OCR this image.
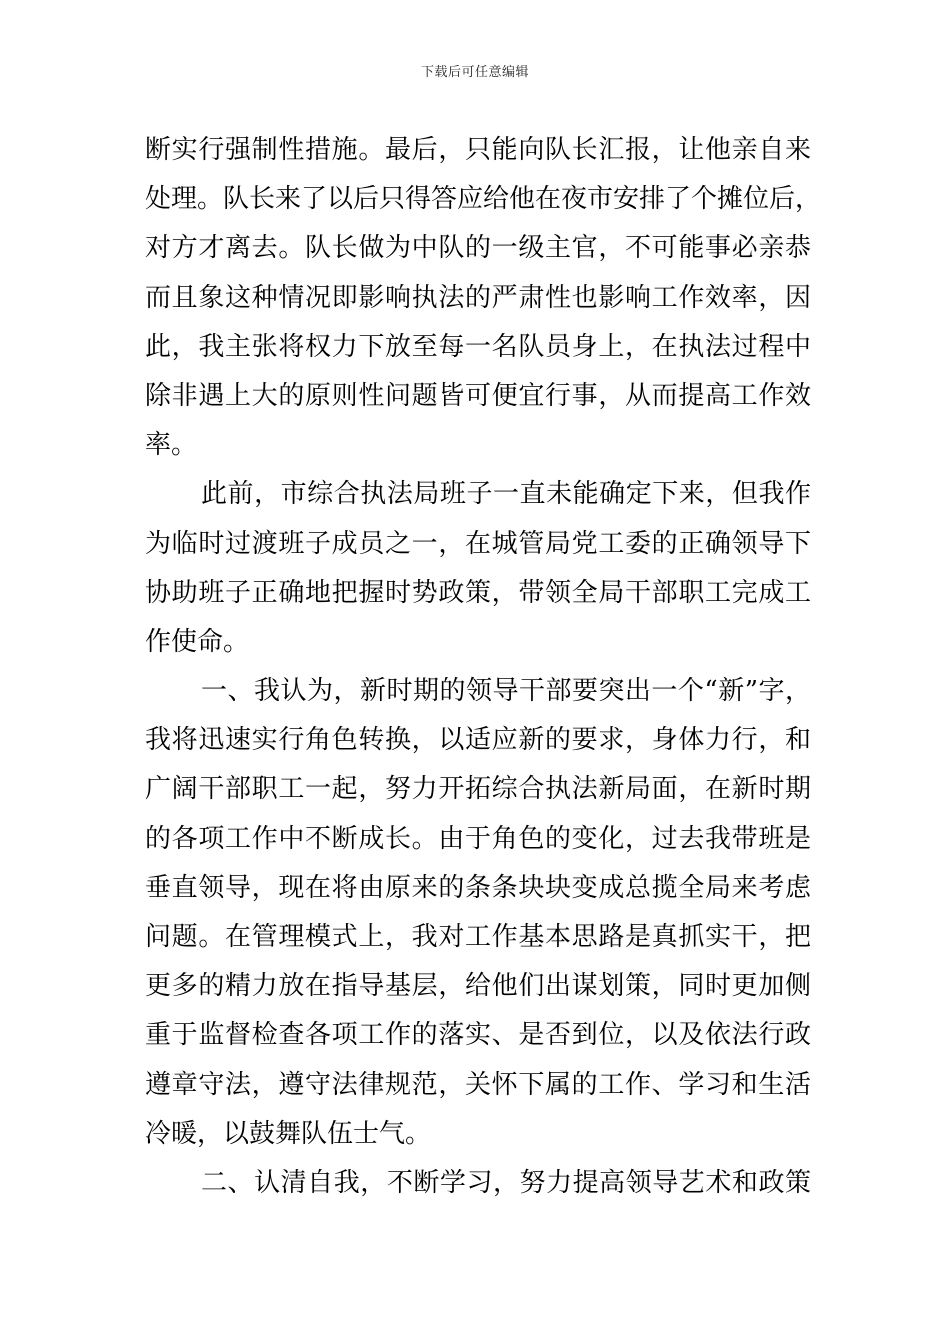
下载后可任意编辑
断实行强制性措施。最后，只能向队长汇报，让他亲自来
处理。队长来了以后只得答应给他在夜市安排了个摊位后，
对方才离去。队长做为中队的一级主官，不可能事必亲恭
而且象这种情况即影响执法的严肃性也影响工作效率，因
此，我主张将权力下放至每一名队员身上，在执法过程中
除非遇上大的原则性问题皆可便宜行事，从而提高工作效
率。
此前，市综合执法局班子一直未能确定下来，但我作
为临时过渡班子成员之一，在城管局党工委的正确领导下
协助班子正确地把握时势政策，带领全局干部职工完成工
作使命。
一、我认为，新时期的领导干部要突出一个“新”字，
我将迅速实行角色转换，以适应新的要求，身体力行，和
广阔干部职工一起，努力开拓综合执法新局面，在新时期
的各项工作中不断成长。由于角色的变化，过去我带班是
垂直领导，现在将由原来的条条块块变成总揽全局来考虑
问题。在管理模式上，我对工作基本思路是真抓实干，把
更多的精力放在指导基层，给他们出谋划策，同时更加侧
重于监督检查各项工作的落实、是否到位，以及依法行政
遵章守法，遵守法律规范，关怀下属的工作、学习和生活
冷暖，以鼓舞队伍士气。
二、认清自我，不断学习，努力提高领导艺术和政策
